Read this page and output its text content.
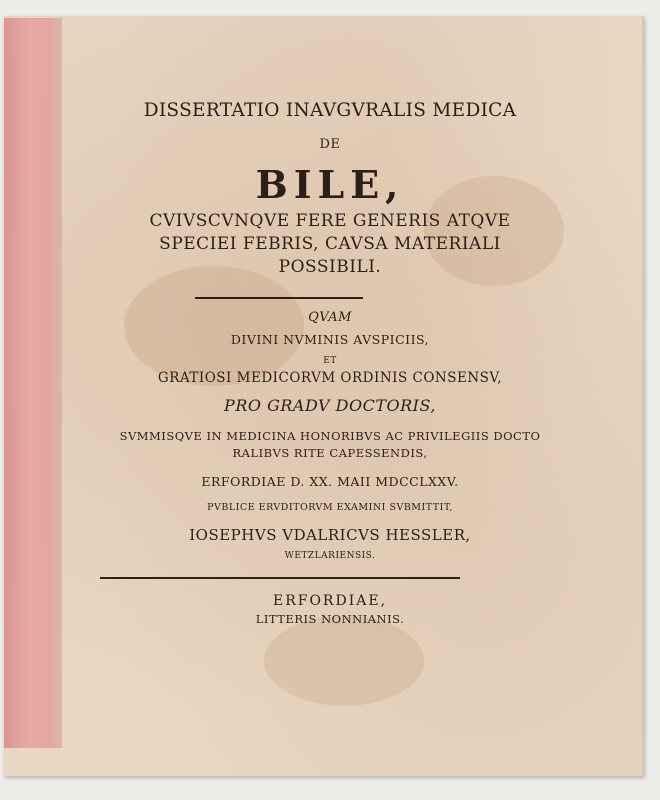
DISSERTATIO INAVGVRALIS MEDICA
DE
BILE,
CVIVSCVNQVE FERE GENERIS ATQVE
SPECIEI FEBRIS, CAVSA MATERIALI
POSSIBILI.
QVAM
DIVINI NVMINIS AVSPICIIS,
ET
GRATIOSI MEDICORVM ORDINIS CONSENSV,
PRO GRADV DOCTORIS,
SVMMISQVE IN MEDICINA HONORIBVS AC PRIVILEGIIS DOCTO
RALIBVS RITE CAPESSENDIS,
ERFORDIAE D. XX. MAII MDCCLXXV.
PVBLICE ERVDITORVM EXAMINI SVBMITTIT,
IOSEPHVS VDALRICVS HESSLER,
WETZLARIENSIS.
ERFORDIAE,
LITTERIS NONNIANIS.
